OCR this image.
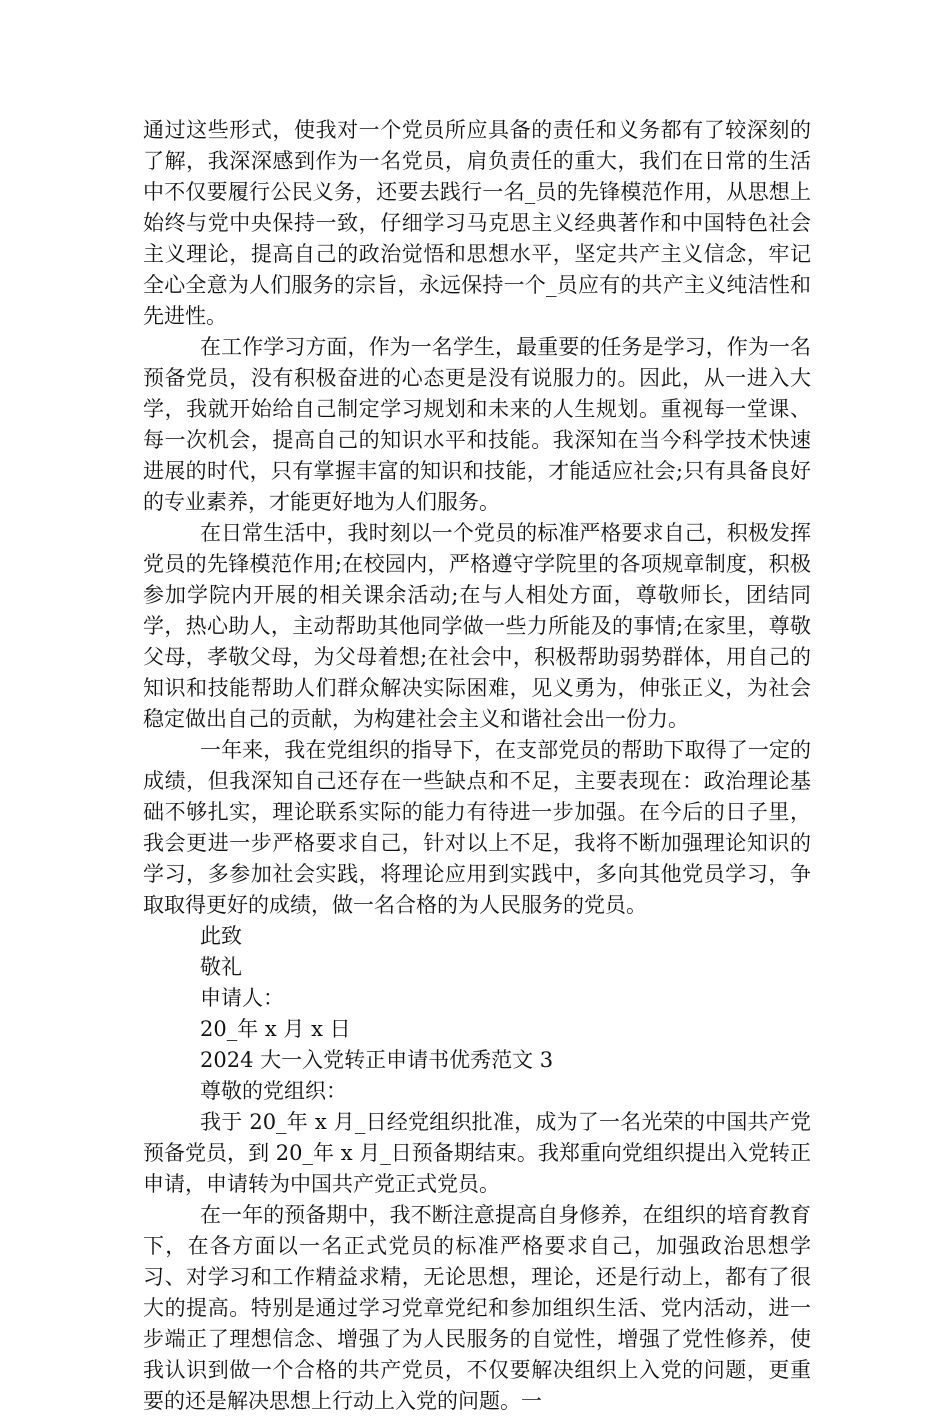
通过这些形式，使我对一个党员所应具备的责任和义务都有了较深刻的了解，我深深感到作为一名党员，肩负责任的重大，我们在日常的生活中不仅要履行公民义务，还要去践行一名_员的先锋模范作用，从思想上始终与党中央保持一致，仔细学习马克思主义经典著作和中国特色社会主义理论，提高自己的政治觉悟和思想水平，坚定共产主义信念，牢记全心全意为人们服务的宗旨，永远保持一个_员应有的共产主义纯洁性和先进性。

在工作学习方面，作为一名学生，最重要的任务是学习，作为一名预备党员，没有积极奋进的心态更是没有说服力的。因此，从一进入大学，我就开始给自己制定学习规划和未来的人生规划。重视每一堂课、每一次机会，提高自己的知识水平和技能。我深知在当今科学技术快速进展的时代，只有掌握丰富的知识和技能，才能适应社会;只有具备良好的专业素养，才能更好地为人们服务。

在日常生活中，我时刻以一个党员的标准严格要求自己，积极发挥党员的先锋模范作用;在校园内，严格遵守学院里的各项规章制度，积极参加学院内开展的相关课余活动;在与人相处方面，尊敬师长，团结同学，热心助人，主动帮助其他同学做一些力所能及的事情;在家里，尊敬父母，孝敬父母，为父母着想;在社会中，积极帮助弱势群体，用自己的知识和技能帮助人们群众解决实际困难，见义勇为，伸张正义，为社会稳定做出自己的贡献，为构建社会主义和谐社会出一份力。

一年来，我在党组织的指导下，在支部党员的帮助下取得了一定的成绩，但我深知自己还存在一些缺点和不足，主要表现在：政治理论基础不够扎实，理论联系实际的能力有待进一步加强。在今后的日子里，我会更进一步严格要求自己，针对以上不足，我将不断加强理论知识的学习，多参加社会实践，将理论应用到实践中，多向其他党员学习，争取取得更好的成绩，做一名合格的为人民服务的党员。

此致

敬礼

申请人：

20_年 x 月 x 日

2024 大一入党转正申请书优秀范文 3

尊敬的党组织：

我于 20_年 x 月_日经党组织批准，成为了一名光荣的中国共产党预备党员，到 20_年 x 月_日预备期结束。我郑重向党组织提出入党转正申请，申请转为中国共产党正式党员。

在一年的预备期中，我不断注意提高自身修养，在组织的培育教育下，在各方面以一名正式党员的标准严格要求自己，加强政治思想学习、对学习和工作精益求精，无论思想，理论，还是行动上，都有了很大的提高。特别是通过学习党章党纪和参加组织生活、党内活动，进一步端正了理想信念、增强了为人民服务的自觉性，增强了党性修养，使我认识到做一个合格的共产党员，不仅要解决组织上入党的问题，更重要的还是解决思想上行动上入党的问题。一
